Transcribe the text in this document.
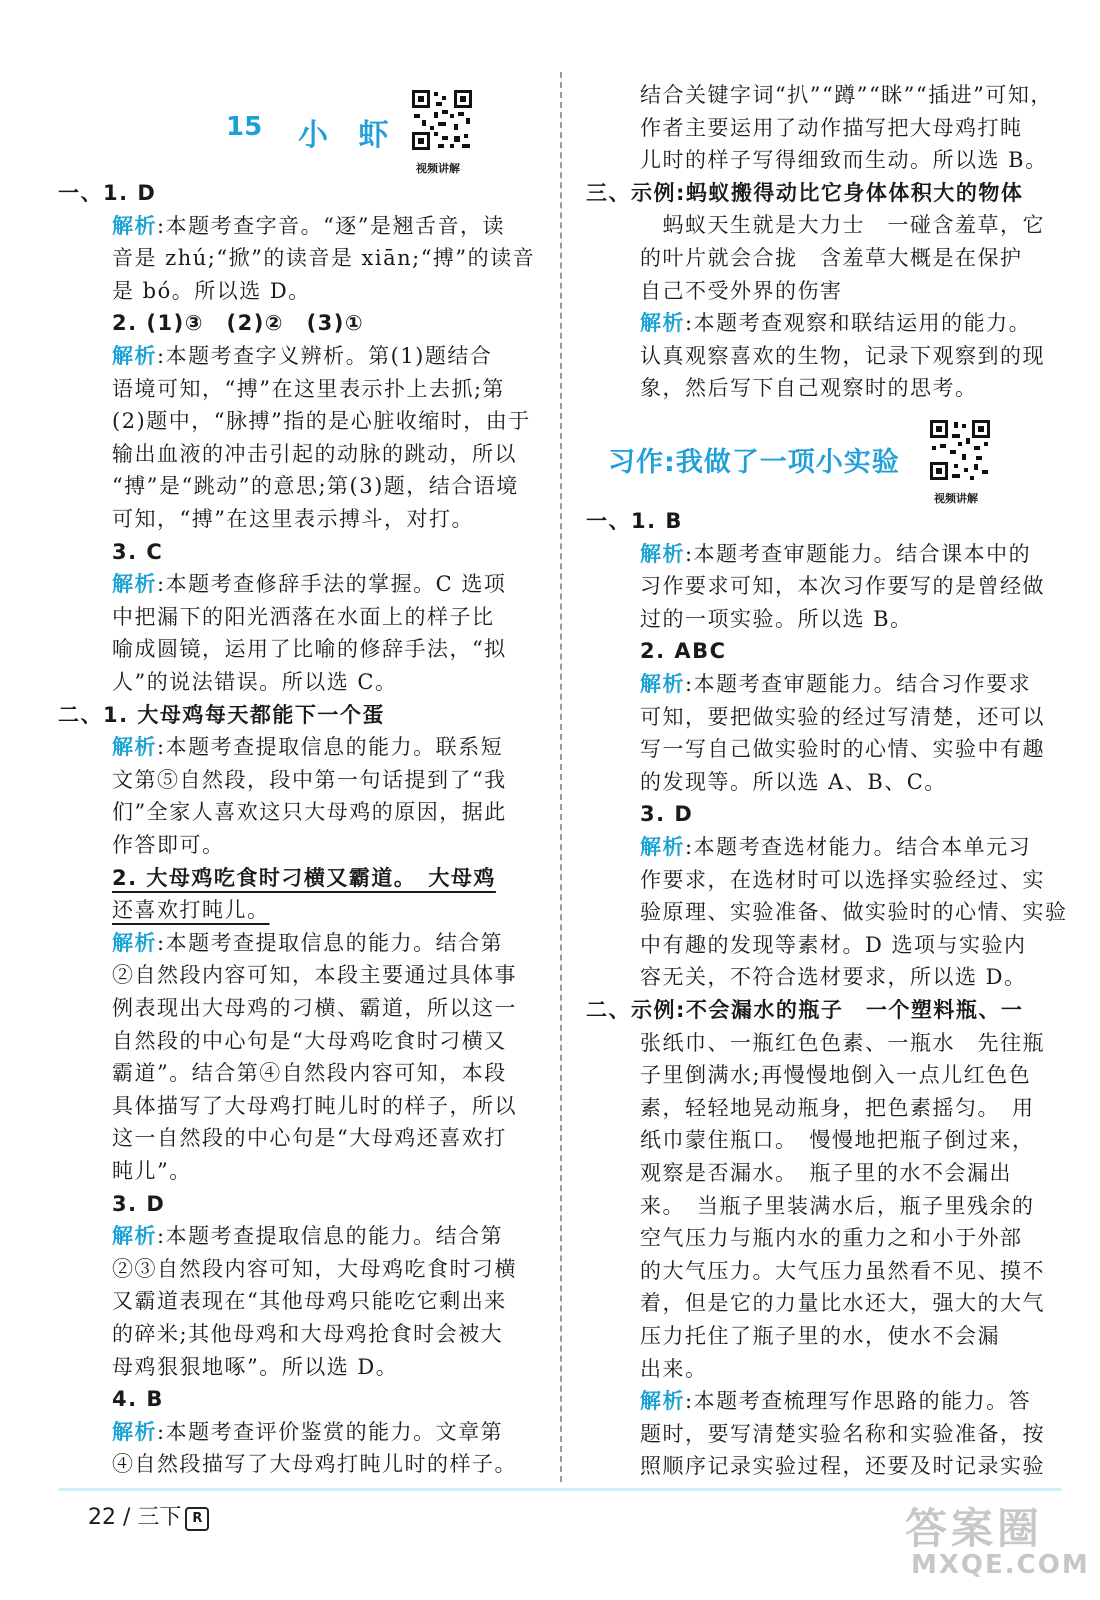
15 小 虾
视频讲解
一、1. D
解析:本题考查字音。“逐”是翘舌音，读
音是 zhú;“掀”的读音是 xiān;“搏”的读音
是 bó。所以选 D。
2. (1)③　(2)②　(3)①
解析:本题考查字义辨析。第(1)题结合
语境可知，“搏”在这里表示扑上去抓;第
(2)题中，“脉搏”指的是心脏收缩时，由于
输出血液的冲击引起的动脉的跳动，所以
“搏”是“跳动”的意思;第(3)题，结合语境
可知，“搏”在这里表示搏斗，对打。
3. C
解析:本题考查修辞手法的掌握。C 选项
中把漏下的阳光洒落在水面上的样子比
喻成圆镜，运用了比喻的修辞手法，“拟
人”的说法错误。所以选 C。
二、1. 大母鸡每天都能下一个蛋
解析:本题考查提取信息的能力。联系短
文第⑤自然段，段中第一句话提到了“我
们”全家人喜欢这只大母鸡的原因，据此
作答即可。
2. 大母鸡吃食时刁横又霸道。　大母鸡
还喜欢打盹儿。
解析:本题考查提取信息的能力。结合第
②自然段内容可知，本段主要通过具体事
例表现出大母鸡的刁横、霸道，所以这一
自然段的中心句是“大母鸡吃食时刁横又
霸道”。结合第④自然段内容可知，本段
具体描写了大母鸡打盹儿时的样子，所以
这一自然段的中心句是“大母鸡还喜欢打
盹儿”。
3. D
解析:本题考查提取信息的能力。结合第
②③自然段内容可知，大母鸡吃食时刁横
又霸道表现在“其他母鸡只能吃它剩出来
的碎米;其他母鸡和大母鸡抢食时会被大
母鸡狠狠地啄”。所以选 D。
4. B
解析:本题考查评价鉴赏的能力。文章第
④自然段描写了大母鸡打盹儿时的样子。
结合关键字词“扒”“蹲”“眯”“插进”可知，
作者主要运用了动作描写把大母鸡打盹
儿时的样子写得细致而生动。所以选 B。
三、示例:蚂蚁搬得动比它身体体积大的物体
　蚂蚁天生就是大力士　一碰含羞草，它
的叶片就会合拢　含羞草大概是在保护
自己不受外界的伤害
解析:本题考查观察和联结运用的能力。
认真观察喜欢的生物，记录下观察到的现
象，然后写下自己观察时的思考。
习作:我做了一项小实验
视频讲解
一、1. B
解析:本题考查审题能力。结合课本中的
习作要求可知，本次习作要写的是曾经做
过的一项实验。所以选 B。
2. ABC
解析:本题考查审题能力。结合习作要求
可知，要把做实验的经过写清楚，还可以
写一写自己做实验时的心情、实验中有趣
的发现等。所以选 A、B、C。
3. D
解析:本题考查选材能力。结合本单元习
作要求，在选材时可以选择实验经过、实
验原理、实验准备、做实验时的心情、实验
中有趣的发现等素材。D 选项与实验内
容无关，不符合选材要求，所以选 D。
二、示例:不会漏水的瓶子　一个塑料瓶、一
张纸巾、一瓶红色色素、一瓶水　先往瓶
子里倒满水;再慢慢地倒入一点儿红色色
素，轻轻地晃动瓶身，把色素摇匀。　用
纸巾蒙住瓶口。　慢慢地把瓶子倒过来，
观察是否漏水。　瓶子里的水不会漏出
来。　当瓶子里装满水后，瓶子里残余的
空气压力与瓶内水的重力之和小于外部
的大气压力。大气压力虽然看不见、摸不
着，但是它的力量比水还大，强大的大气
压力托住了瓶子里的水，使水不会漏
出来。
解析:本题考查梳理写作思路的能力。答
题时，要写清楚实验名称和实验准备，按
照顺序记录实验过程，还要及时记录实验
22 / 三下 R	答案圈
MXQE.COM
